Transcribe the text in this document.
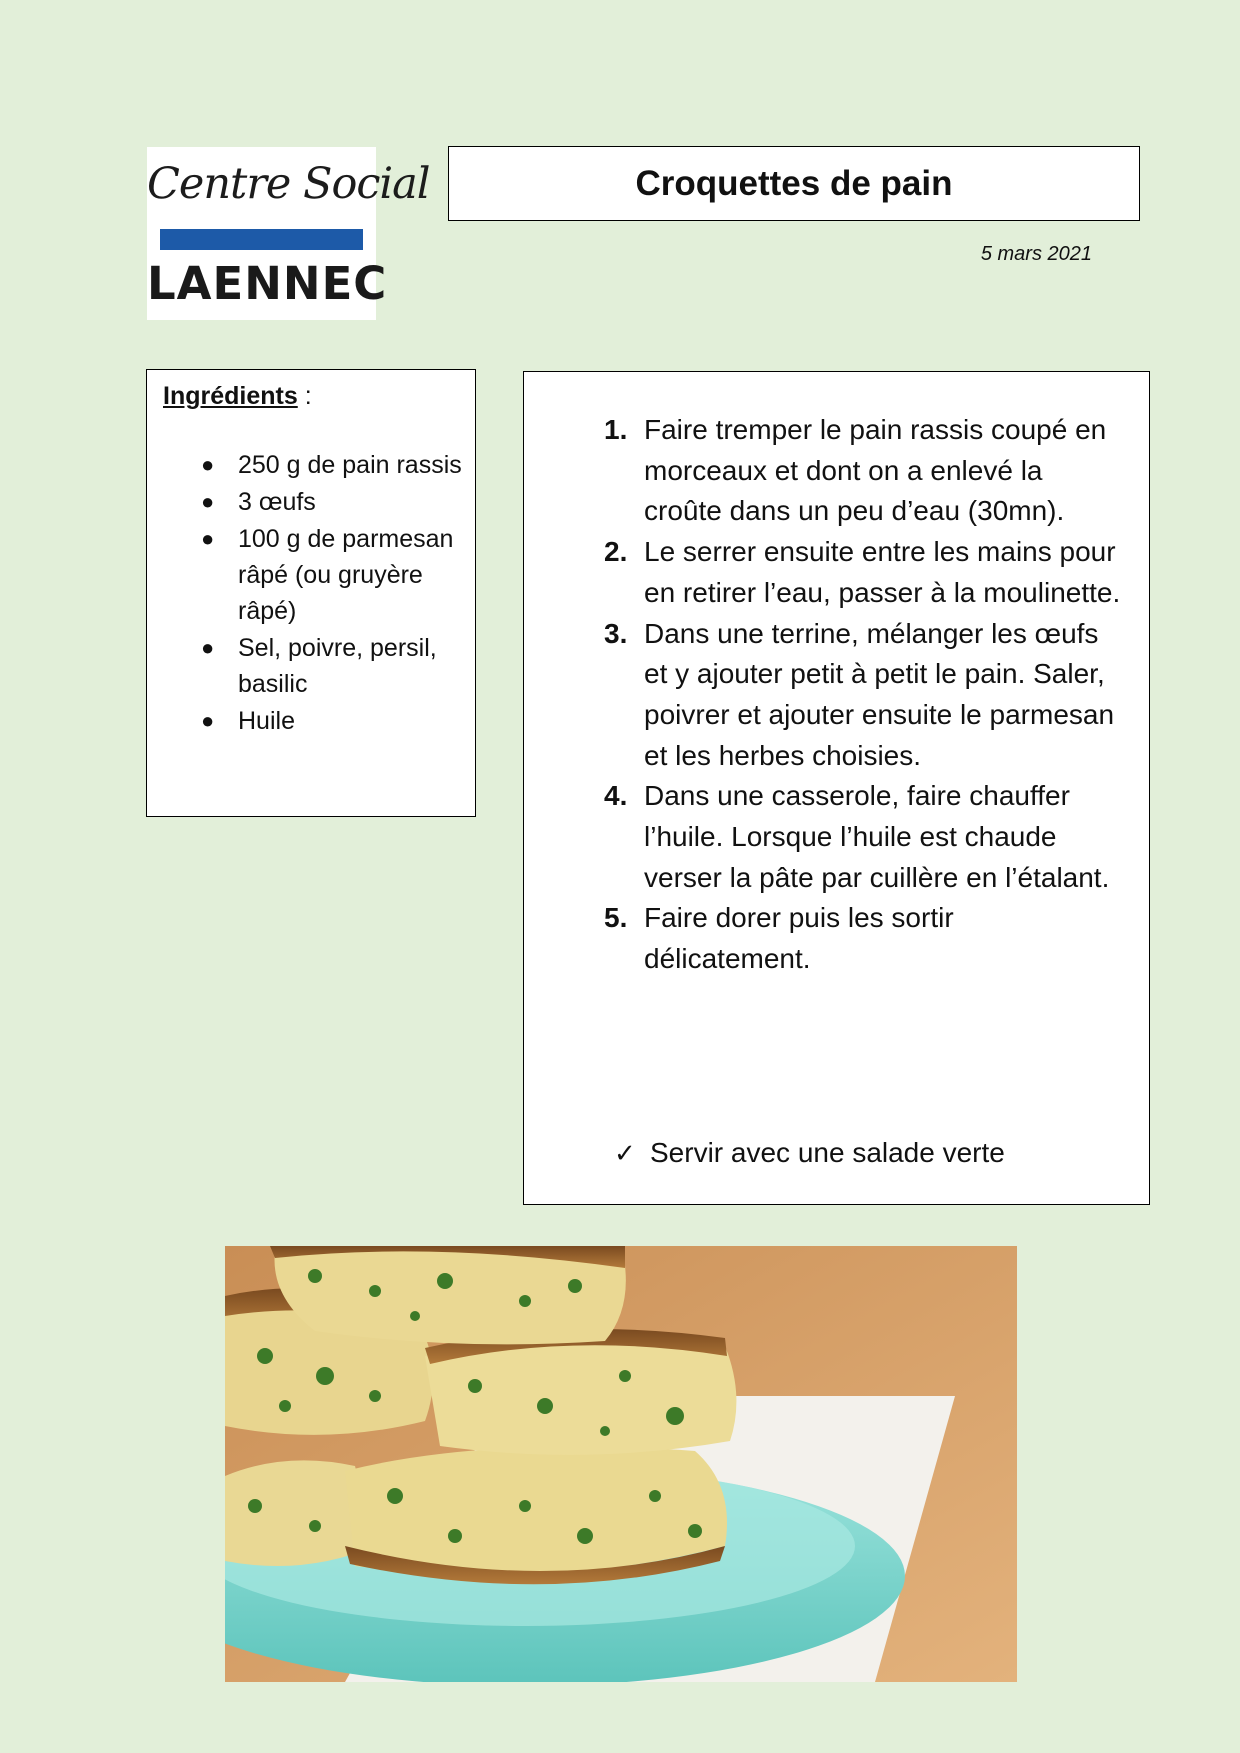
Centre Social
LAENNEC
Croquettes de pain
5 mars 2021
Ingrédients :
● 250 g de pain rassis
● 3 œufs
● 100 g de parmesan râpé (ou gruyère râpé)
● Sel, poivre, persil, basilic
● Huile
1. Faire tremper le pain rassis coupé en morceaux et dont on a enlevé la croûte dans un peu d’eau (30mn).
2. Le serrer ensuite entre les mains pour en retirer l’eau, passer à la moulinette.
3. Dans une terrine, mélanger les œufs et y ajouter petit à petit le pain. Saler, poivrer et ajouter ensuite le parmesan et les herbes choisies.
4. Dans une casserole, faire chauffer l’huile. Lorsque l’huile est chaude verser la pâte par cuillère en l’étalant.
5. Faire dorer puis les sortir délicatement.
✓ Servir avec une salade verte
